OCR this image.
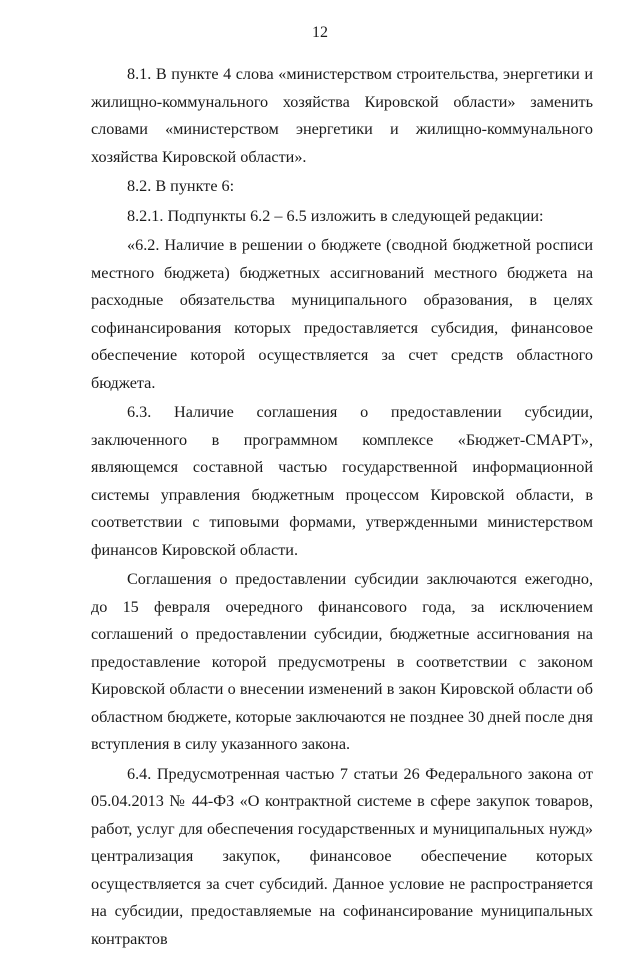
12

8.1. В пункте 4 слова «министерством строительства, энергетики и жилищно-коммунального хозяйства Кировской области» заменить словами «министерством энергетики и жилищно-коммунального хозяйства Кировской области».

8.2. В пункте 6:

8.2.1. Подпункты 6.2 – 6.5 изложить в следующей редакции:

«6.2. Наличие в решении о бюджете (сводной бюджетной росписи местного бюджета) бюджетных ассигнований местного бюджета на расходные обязательства муниципального образования, в целях софинансирования которых предоставляется субсидия, финансовое обеспечение которой осуществляется за счет средств областного бюджета.

6.3. Наличие соглашения о предоставлении субсидии, заключенного в программном комплексе «Бюджет-СМАРТ», являющемся составной частью государственной информационной системы управления бюджетным процессом Кировской области, в соответствии с типовыми формами, утвержденными министерством финансов Кировской области.

Соглашения о предоставлении субсидии заключаются ежегодно, до 15 февраля очередного финансового года, за исключением соглашений о предоставлении субсидии, бюджетные ассигнования на предоставление которой предусмотрены в соответствии с законом Кировской области о внесении изменений в закон Кировской области об областном бюджете, которые заключаются не позднее 30 дней после дня вступления в силу указанного закона.

6.4. Предусмотренная частью 7 статьи 26 Федерального закона от 05.04.2013 № 44-ФЗ «О контрактной системе в сфере закупок товаров, работ, услуг для обеспечения государственных и муниципальных нужд» централизация закупок, финансовое обеспечение которых осуществляется за счет субсидий. Данное условие не распространяется на субсидии, предоставляемые на софинансирование муниципальных контрактов
